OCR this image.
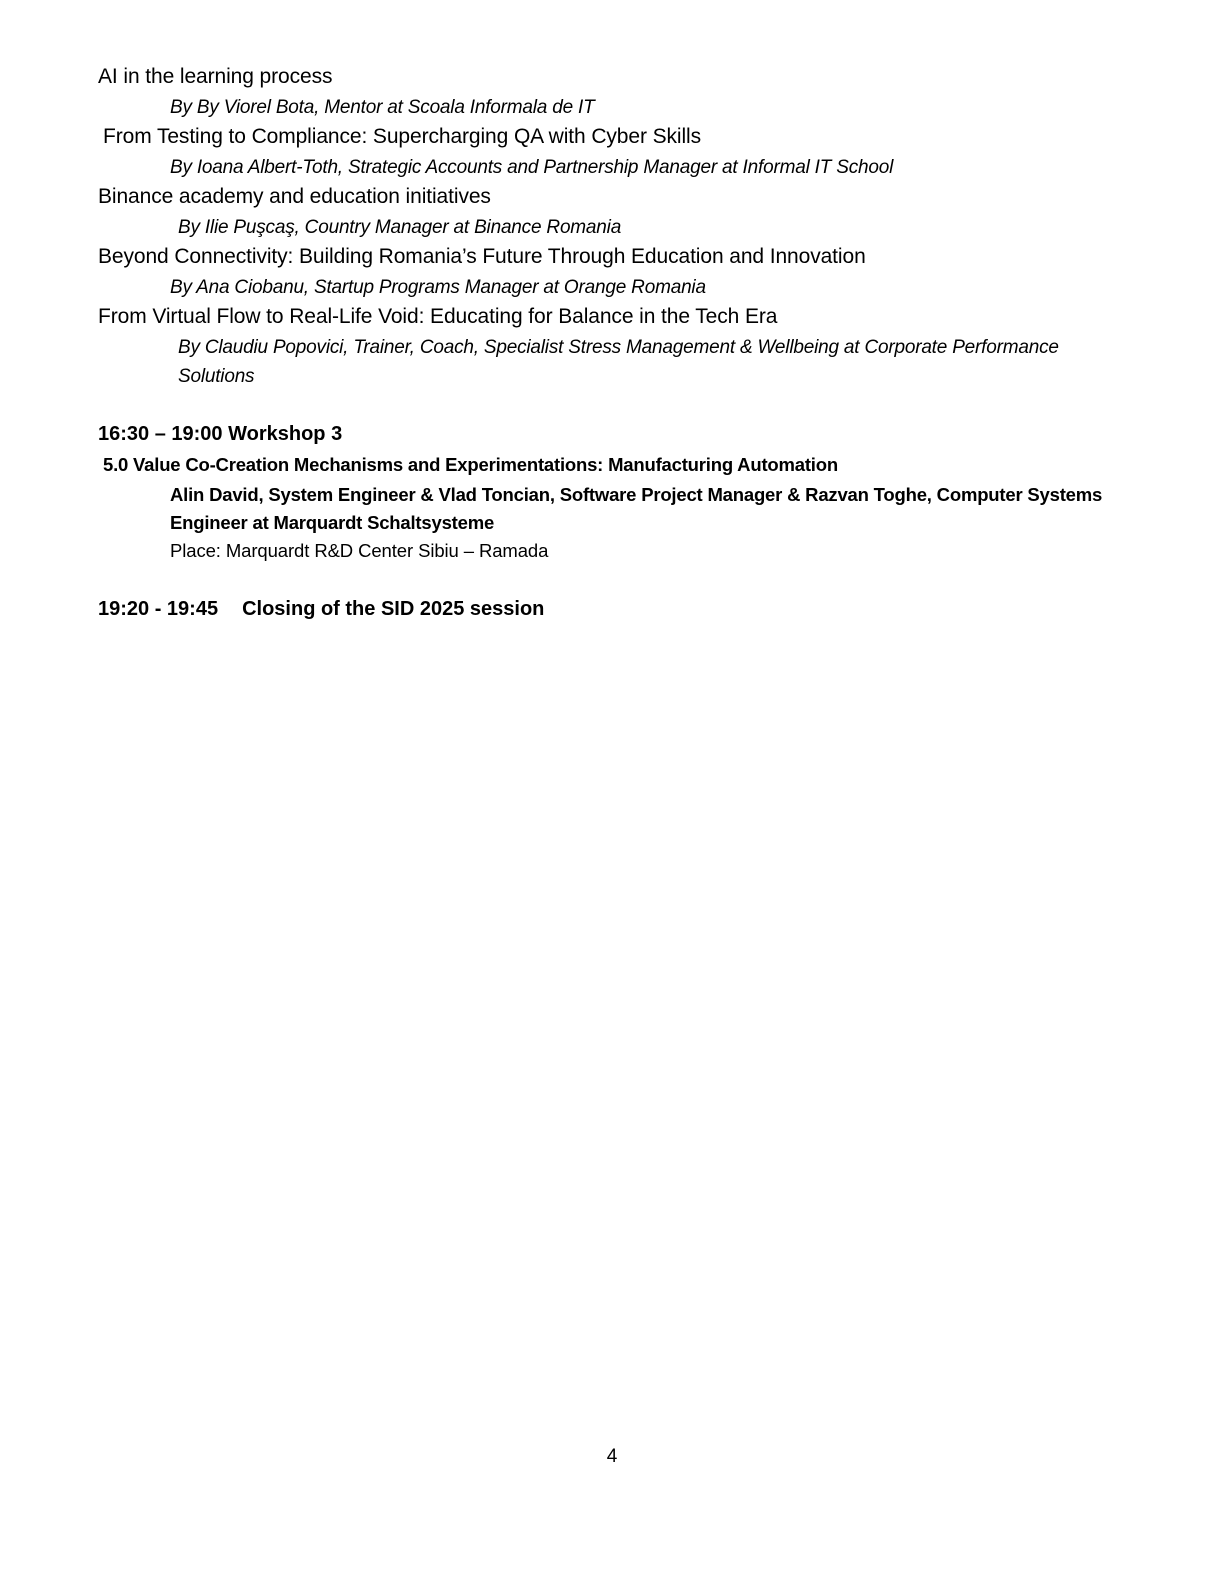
AI in the learning process
By By Viorel Bota, Mentor at Scoala Informala de IT
From Testing to Compliance: Supercharging QA with Cyber Skills
By Ioana Albert-Toth, Strategic Accounts and Partnership Manager at Informal IT School
Binance academy and education initiatives
By Ilie Puşcaş, Country Manager at Binance Romania
Beyond Connectivity: Building Romania’s Future Through Education and Innovation
By Ana Ciobanu, Startup Programs Manager at Orange Romania
From Virtual Flow to Real-Life Void: Educating for Balance in the Tech Era
By Claudiu Popovici, Trainer, Coach, Specialist Stress Management & Wellbeing at Corporate Performance Solutions
16:30 – 19:00 Workshop 3
5.0 Value Co-Creation Mechanisms and Experimentations: Manufacturing Automation
Alin David, System Engineer & Vlad Toncian, Software Project Manager & Razvan Toghe, Computer Systems Engineer at Marquardt Schaltsysteme
Place: Marquardt R&D Center Sibiu – Ramada
19:20 - 19:45 Closing of the SID 2025 session
4
